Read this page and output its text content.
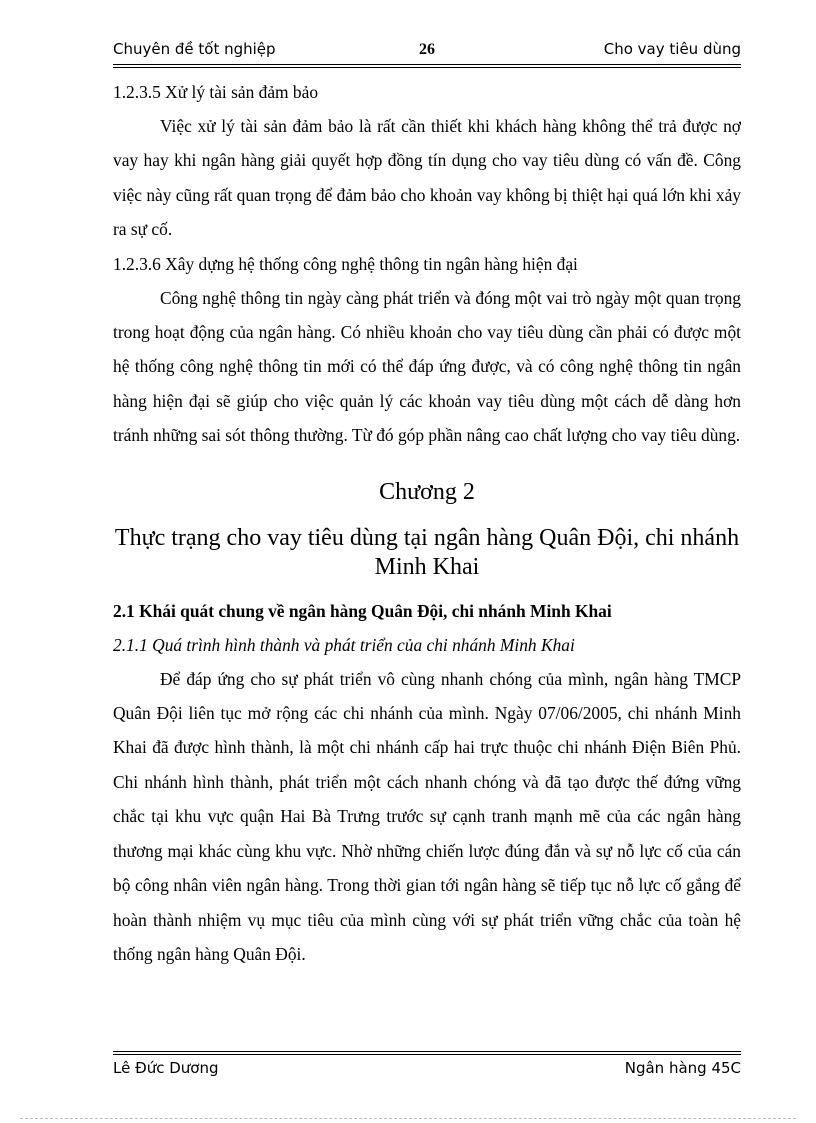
Chuyên đề tốt nghiệp	26	Cho vay tiêu dùng
1.2.3.5 Xử lý tài sản đảm bảo

Việc xử lý tài sản đảm bảo là rất cần thiết khi khách hàng không thể trả được nợ vay hay khi ngân hàng giải quyết hợp đồng tín dụng cho vay tiêu dùng có vấn đề. Công việc này cũng rất quan trọng để đảm bảo cho khoản vay không bị thiệt hại quá lớn khi xảy ra sự cố.

1.2.3.6 Xây dựng hệ thống công nghệ thông tin ngân hàng hiện đại

Công nghệ thông tin ngày càng phát triển và đóng một vai trò ngày một quan trọng trong hoạt động của ngân hàng. Có nhiều khoản cho vay tiêu dùng cần phải có được một hệ thống công nghệ thông tin mới có thể đáp ứng được, và có công nghệ thông tin ngân hàng hiện đại sẽ giúp cho việc quản lý các khoản vay tiêu dùng một cách dễ dàng hơn tránh những sai sót thông thường. Từ đó góp phần nâng cao chất lượng cho vay tiêu dùng.

Chương 2
Thực trạng cho vay tiêu dùng tại ngân hàng Quân Đội, chi nhánh Minh Khai
2.1 Khái quát chung về ngân hàng Quân Đội, chi nhánh Minh Khai
2.1.1 Quá trình hình thành và phát triển của chi nhánh Minh Khai

Để đáp ứng cho sự phát triển vô cùng nhanh chóng của mình, ngân hàng TMCP Quân Đội liên tục mở rộng các chi nhánh của mình. Ngày 07/06/2005, chi nhánh Minh Khai đã được hình thành, là một chi nhánh cấp hai trực thuộc chi nhánh Điện Biên Phủ. Chi nhánh hình thành, phát triển một cách nhanh chóng và đã tạo được thế đứng vững chắc tại khu vực quận Hai Bà Trưng trước sự cạnh tranh mạnh mẽ của các ngân hàng thương mại khác cùng khu vực. Nhờ những chiến lược đúng đắn và sự nỗ lực cố của cán bộ công nhân viên ngân hàng. Trong thời gian tới ngân hàng sẽ tiếp tục nỗ lực cố gắng để hoàn thành nhiệm vụ mục tiêu của mình cùng với sự phát triển vững chắc của toàn hệ thống ngân hàng Quân Đội.

Lê Đức Dương	Ngân hàng 45C
